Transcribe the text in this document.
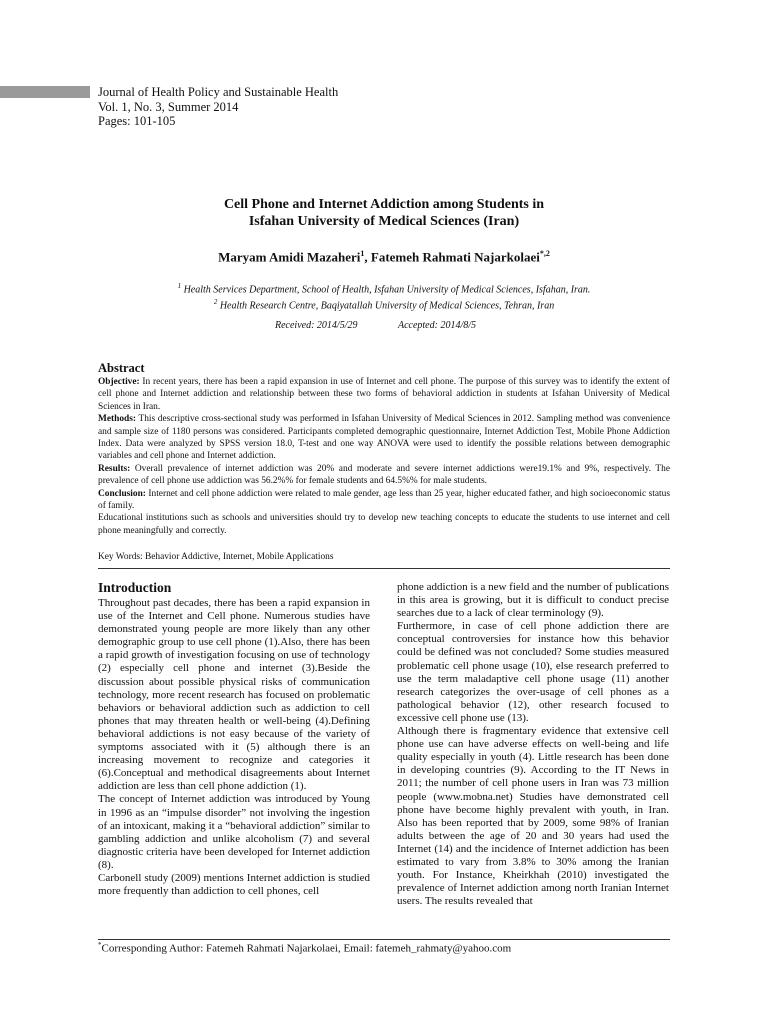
Journal of Health Policy and Sustainable Health
Vol. 1, No. 3, Summer 2014
Pages: 101-105
Cell Phone and Internet Addiction among Students in
Isfahan University of Medical Sciences (Iran)
Maryam Amidi Mazaheri$^1$, Fatemeh Rahmati Najarkolaei$^{*,2}$
$^1$ Health Services Department, School of Health, Isfahan University of Medical Sciences, Isfahan, Iran.
$^2$ Health Research Centre, Baqiyatallah University of Medical Sciences, Tehran, Iran
Received: 2014/5/29	Accepted: 2014/8/5
Abstract

Objective: In recent years, there has been a rapid expansion in use of Internet and cell phone. The purpose of this survey was to identify the extent of cell phone and Internet addiction and relationship between these two forms of behavioral addiction in students at Isfahan University of Medical Sciences in Iran.

Methods: This descriptive cross-sectional study was performed in Isfahan University of Medical Sciences in 2012. Sampling method was convenience and sample size of 1180 persons was considered. Participants completed demographic questionnaire, Internet Addiction Test, Mobile Phone Addiction Index. Data were analyzed by SPSS version 18.0, T-test and one way ANOVA were used to identify the possible relations between demographic variables and cell phone and Internet addiction.

Results: Overall prevalence of internet addiction was 20% and moderate and severe internet addictions were19.1% and 9%, respectively. The prevalence of cell phone use addiction was 56.2%% for female students and 64.5%% for male students.

Conclusion: Internet and cell phone addiction were related to male gender, age less than 25 year, higher educated father, and high socioeconomic status of family.

Educational institutions such as schools and universities should try to develop new teaching concepts to educate the students to use internet and cell phone meaningfully and correctly.

Key Words: Behavior Addictive, Internet, Mobile Applications
Introduction

Throughout past decades, there has been a rapid expansion in use of the Internet and Cell phone. Numerous studies have demonstrated young people are more likely than any other demographic group to use cell phone (1).Also, there has been a rapid growth of investigation focusing on use of technology (2) especially cell phone and internet (3).Beside the discussion about possible physical risks of communication technology, more recent research has focused on problematic behaviors or behavioral addiction such as addiction to cell phones that may threaten health or well-being (4).Defining behavioral addictions is not easy because of the variety of symptoms associated with it (5) although there is an increasing movement to recognize and categories it (6).Conceptual and methodical disagreements about Internet addiction are less than cell phone addiction (1).

The concept of Internet addiction was introduced by Young in 1996 as an “impulse disorder” not involving the ingestion of an intoxicant, making it a “behavioral addiction” similar to gambling addiction and unlike alcoholism (7) and several diagnostic criteria have been developed for Internet addiction (8).

Carbonell study (2009) mentions Internet addiction is studied more frequently than addiction to cell phones, cell

phone addiction is a new field and the number of publications in this area is growing, but it is difficult to conduct precise searches due to a lack of clear terminology (9).

Furthermore, in case of cell phone addiction there are conceptual controversies for instance how this behavior could be defined was not concluded? Some studies measured problematic cell phone usage (10), else research preferred to use the term maladaptive cell phone usage (11) another research categorizes the over-usage of cell phones as a pathological behavior (12), other research focused to excessive cell phone use (13).

Although there is fragmentary evidence that extensive cell phone use can have adverse effects on well-being and life quality especially in youth (4). Little research has been done in developing countries (9). According to the IT News in 2011; the number of cell phone users in Iran was 73 million people (www.mobna.net) Studies have demonstrated cell phone have become highly prevalent with youth, in Iran. Also has been reported that by 2009, some 98% of Iranian adults between the age of 20 and 30 years had used the Internet (14) and the incidence of Internet addiction has been estimated to vary from 3.8% to 30% among the Iranian youth. For Instance, Kheirkhah (2010) investigated the prevalence of Internet addiction among north Iranian Internet users. The results revealed that

*Corresponding Author: Fatemeh Rahmati Najarkolaei, Email: fatemeh_rahmaty@yahoo.com
